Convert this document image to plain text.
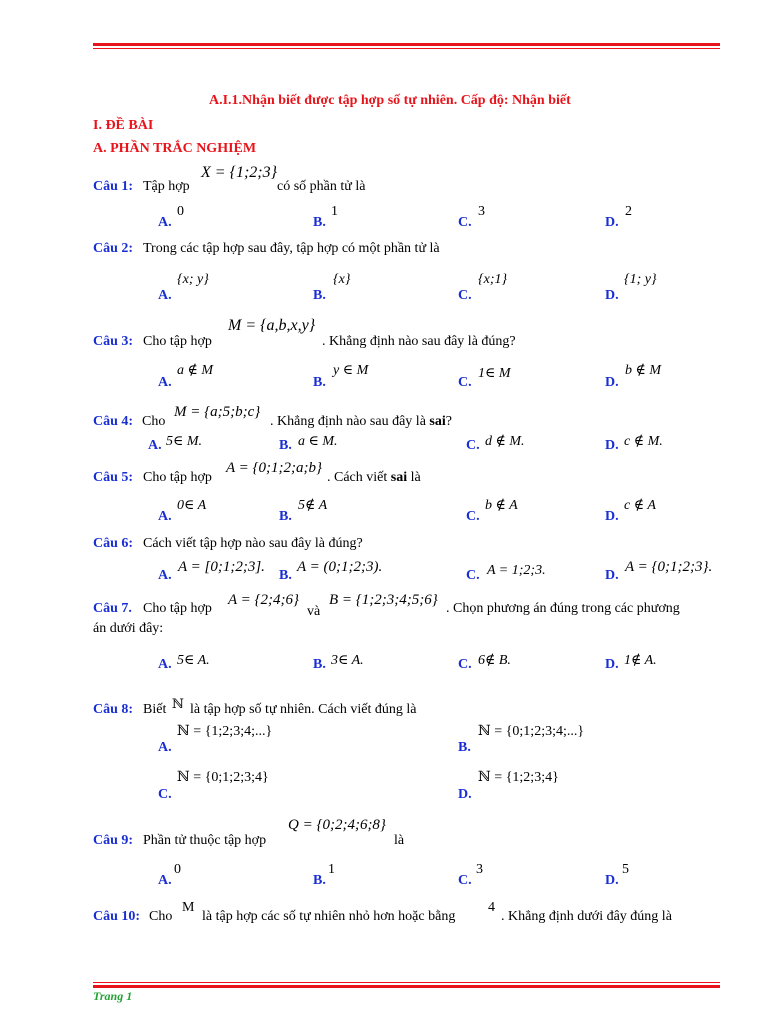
A.I.1.Nhận biết được tập hợp số tự nhiên. Cấp độ: Nhận biết
I. ĐỀ BÀI
A. PHẦN TRẮC NGHIỆM
Câu 1: Tập hợp
X = {1;2;3}
có số phần tử là
A.
0
B.
1
C.
3
D.
2
Câu 2: Trong các tập hợp sau đây, tập hợp có một phần tử là
A.
{x; y}
B.
{x}
C.
{x;1}
D.
{1; y}
Câu 3: Cho tập hợp
M = {a,b,x,y}
. Khẳng định nào sau đây là đúng?
A.
a ∉ M
B.
y ∈ M
C.
1∈ M
D.
b ∉ M
Câu 4: Cho
M = {a;5;b;c}
. Khẳng định nào sau đây là sai?
A. 5∈ M.	B. a ∈ M.	C. d ∉ M.	D. c ∉ M.
Câu 5: Cho tập hợp
A = {0;1;2;a;b}
. Cách viết sai là
A.
0∈ A
B.
5∉ A
C.
b ∉ A
D.
c ∉ A
Câu 6: Cách viết tập hợp nào sau đây là đúng?
A.
A = [0;1;2;3].
B.
A = (0;1;2;3).
C. A = 1;2;3.	D.
A = {0;1;2;3}.
Câu 7. Cho tập hợp
A = {2;4;6}
và
B = {1;2;3;4;5;6}
. Chọn phương án đúng trong các phương
án dưới đây:
A. 5∈ A.	B. 3∈ A.	C. 6∉ B.	D. 1∉ A.
Câu 8: Biết ℕ là tập hợp số tự nhiên. Cách viết đúng là
A.
ℕ = {1;2;3;4;...}
B.
ℕ = {0;1;2;3;4;...}
C.
ℕ = {0;1;2;3;4}
D.
ℕ = {1;2;3;4}
Câu 9: Phần tử thuộc tập hợp
Q = {0;2;4;6;8}
là
A.
0
B.
1
C.
3
D.
5
Câu 10: Cho
M
là tập hợp các số tự nhiên nhỏ hơn hoặc bằng
4
. Khẳng định dưới đây đúng là
Trang 1
